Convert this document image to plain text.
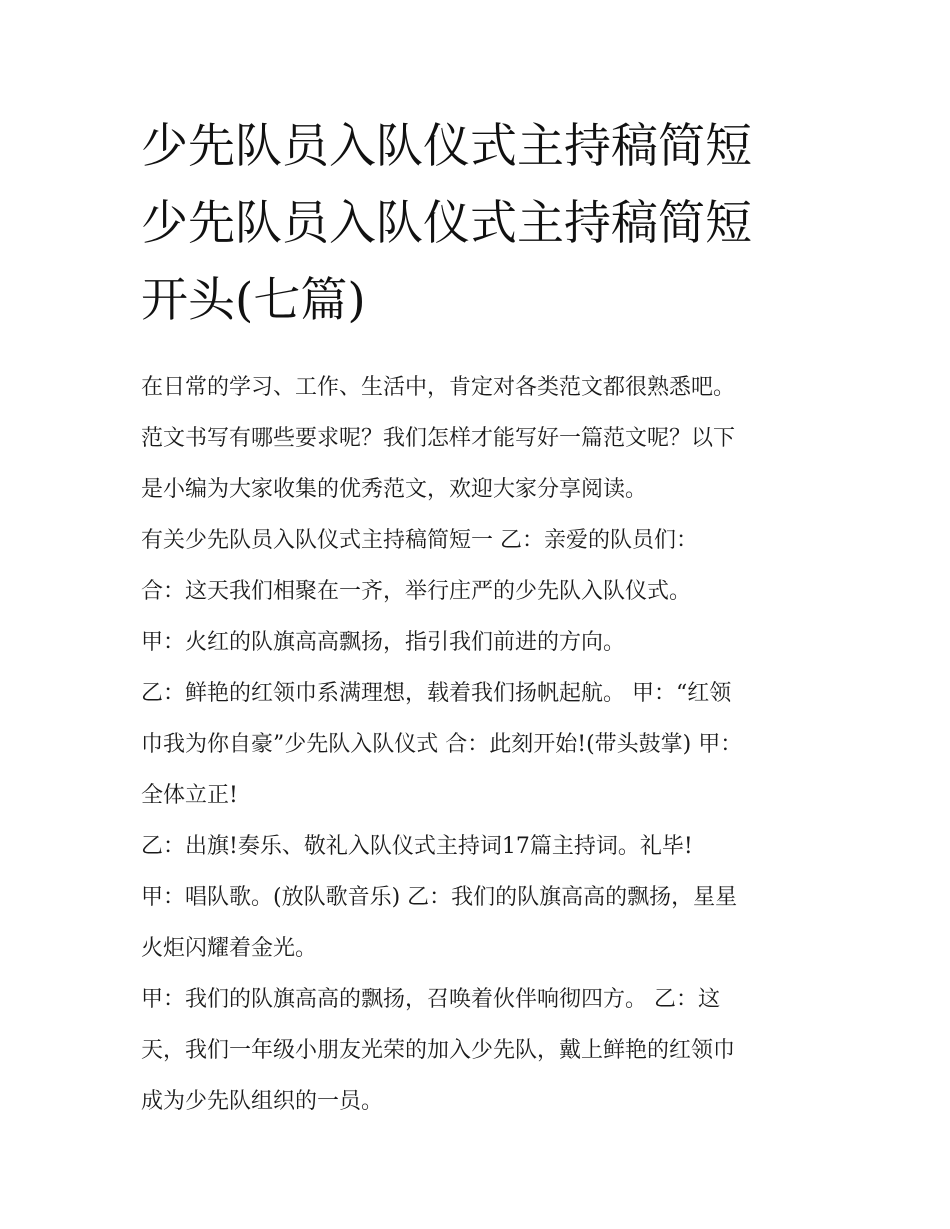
少先队员入队仪式主持稿简短
少先队员入队仪式主持稿简短
开头(七篇)

在日常的学习、工作、生活中，肯定对各类范文都很熟悉吧。
范文书写有哪些要求呢？我们怎样才能写好一篇范文呢？以下
是小编为大家收集的优秀范文，欢迎大家分享阅读。

有关少先队员入队仪式主持稿简短一 乙：亲爱的队员们：

合：这天我们相聚在一齐，举行庄严的少先队入队仪式。

甲：火红的队旗高高飘扬，指引我们前进的方向。

乙：鲜艳的红领巾系满理想，载着我们扬帆起航。 甲：“红领
巾我为你自豪”少先队入队仪式 合：此刻开始!(带头鼓掌) 甲：
全体立正!

乙：出旗!奏乐、敬礼入队仪式主持词17篇主持词。礼毕!

甲：唱队歌。(放队歌音乐) 乙：我们的队旗高高的飘扬，星星
火炬闪耀着金光。

甲：我们的队旗高高的飘扬，召唤着伙伴响彻四方。 乙：这
天，我们一年级小朋友光荣的加入少先队，戴上鲜艳的红领巾
成为少先队组织的一员。
